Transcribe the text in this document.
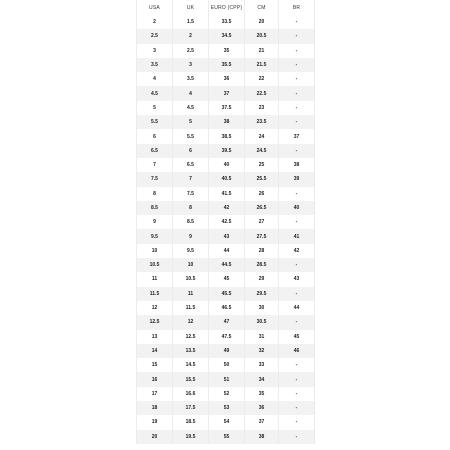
USA	UK	EURO (CPP)	CM	BR
2	1.5	33.5	20	-
2.5	2	34.5	20.5	-
3	2.5	35	21	-
3.5	3	35.5	21.5	-
4	3.5	36	22	-
4.5	4	37	22.5	-
5	4.5	37.5	23	-
5.5	5	38	23.5	-
6	5.5	38.5	24	37
6.5	6	39.5	24.5	-
7	6.5	40	25	38
7.5	7	40.5	25.5	39
8	7.5	41.5	26	-
8.5	8	42	26.5	40
9	8.5	42.5	27	-
9.5	9	43	27.5	41
10	9.5	44	28	42
10.5	10	44.5	28.5	-
11	10.5	45	29	43
11.5	11	45.5	29.5	-
12	11.5	46.5	30	44
12.5	12	47	30.5	-
13	12.5	47.5	31	45
14	13.5	49	32	46
15	14.5	50	33	-
16	15.5	51	34	-
17	16.6	52	35	-
18	17.5	53	36	-
19	18.5	54	37	-
20	19.5	55	38	-
